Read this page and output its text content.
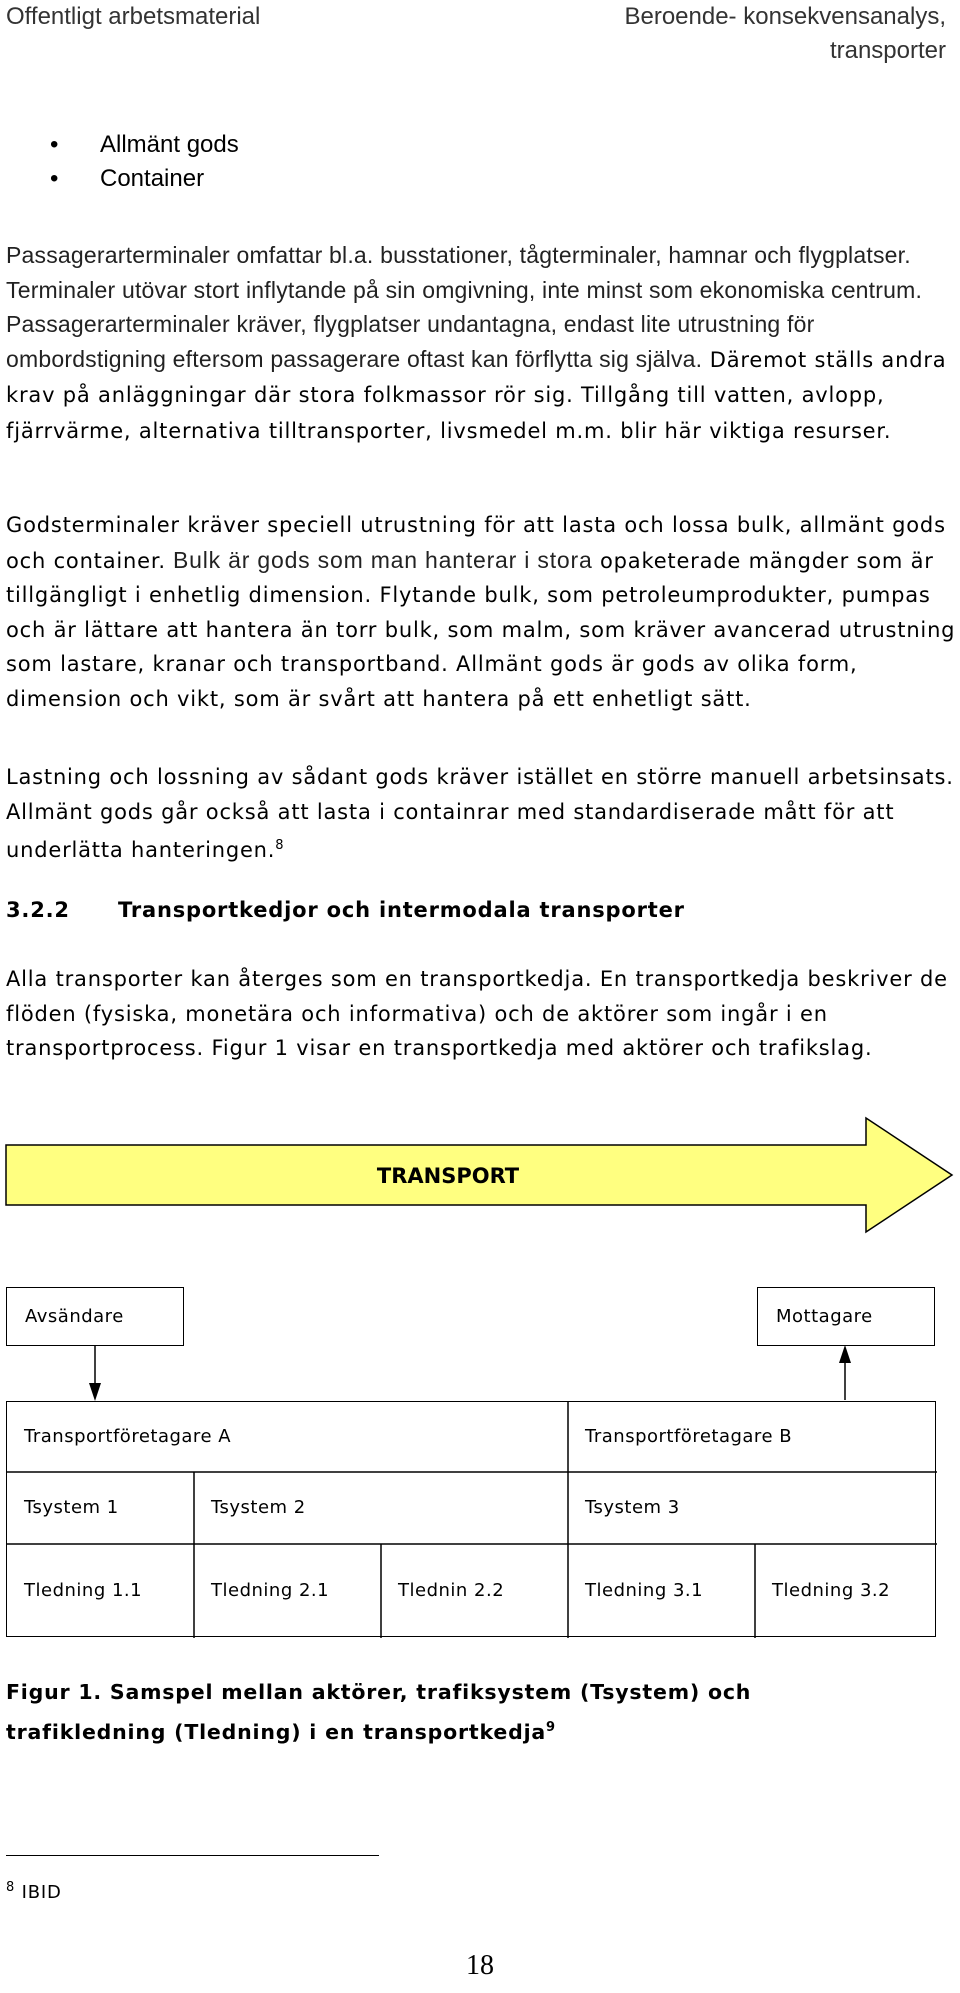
Offentligt arbetsmaterial	Beroende- konsekvensanalys,
transporter
• Allmänt gods
• Container

Passagerarterminaler omfattar bl.a. busstationer, tågterminaler, hamnar och flygplatser. Terminaler utövar stort inflytande på sin omgivning, inte minst som ekonomiska centrum. Passagerarterminaler kräver, flygplatser undantagna, endast lite utrustning för ombordstigning eftersom passagerare oftast kan förflytta sig själva. Däremot ställs andra krav på anläggningar där stora folkmassor rör sig. Tillgång till vatten, avlopp, fjärrvärme, alternativa tilltransporter, livsmedel m.m. blir här viktiga resurser.

Godsterminaler kräver speciell utrustning för att lasta och lossa bulk, allmänt gods och container. Bulk är gods som man hanterar i stora opaketerade mängder som är tillgängligt i enhetlig dimension. Flytande bulk, som petroleumprodukter, pumpas och är lättare att hantera än torr bulk, som malm, som kräver avancerad utrustning som lastare, kranar och transportband. Allmänt gods är gods av olika form, dimension och vikt, som är svårt att hantera på ett enhetligt sätt.

Lastning och lossning av sådant gods kräver istället en större manuell arbetsinsats. Allmänt gods går också att lasta i containrar med standardiserade mått för att underlätta hanteringen.$^8$

3.2.2 Transportkedjor och intermodala transporter

Alla transporter kan återges som en transportkedja. En transportkedja beskriver de flöden (fysiska, monetära och informativa) och de aktörer som ingår i en transportprocess. Figur 1 visar en transportkedja med aktörer och trafikslag.

TRANSPORT
Avsändare	Mottagare
Transportföretagare A	Transportföretagare B
Tsystem 1	Tsystem 2	Tsystem 3
Tledning 1.1	Tledning 2.1	Tlednin 2.2	Tledning 3.1	Tledning 3.2
Figur 1. Samspel mellan aktörer, trafiksystem (Tsystem) och trafikledning (Tledning) i en transportkedja$^9$
$^8$ IBID
18
